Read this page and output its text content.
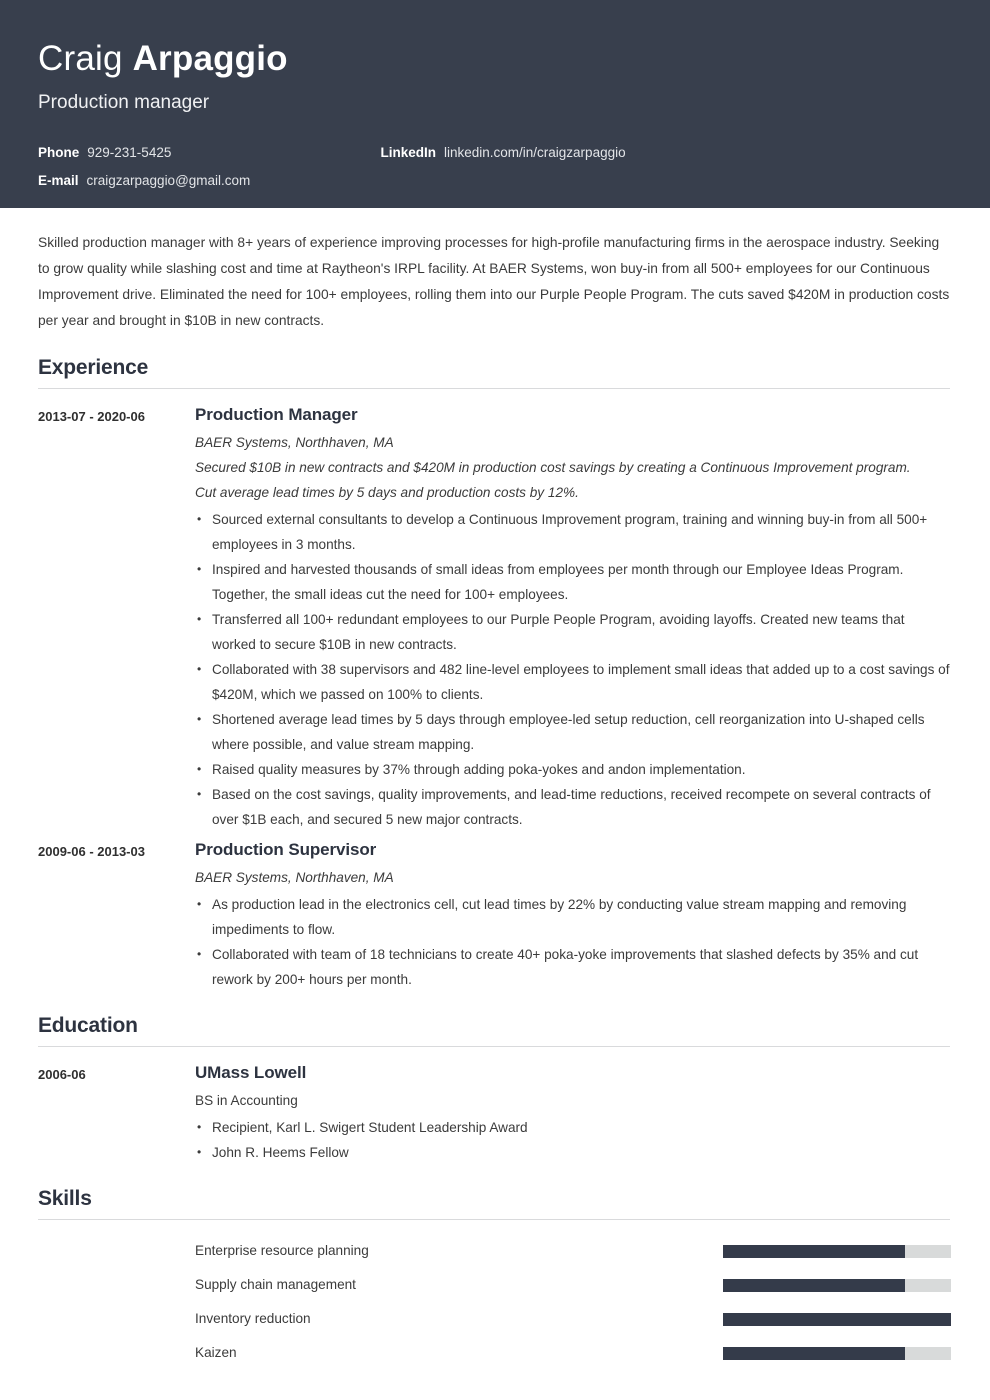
Craig Arpaggio
Production manager
Phone 929-231-5425	LinkedIn linkedin.com/in/craigzarpaggio
E-mail craigzarpaggio@gmail.com

Skilled production manager with 8+ years of experience improving processes for high-profile manufacturing firms in the aerospace industry. Seeking to grow quality while slashing cost and time at Raytheon's IRPL facility. At BAER Systems, won buy-in from all 500+ employees for our Continuous Improvement drive. Eliminated the need for 100+ employees, rolling them into our Purple People Program. The cuts saved $420M in production costs per year and brought in $10B in new contracts.

Experience
2013-07 - 2020-06	Production Manager
BAER Systems, Northhaven, MA
Secured $10B in new contracts and $420M in production cost savings by creating a Continuous Improvement program. Cut average lead times by 5 days and production costs by 12%.
• Sourced external consultants to develop a Continuous Improvement program, training and winning buy-in from all 500+ employees in 3 months.
• Inspired and harvested thousands of small ideas from employees per month through our Employee Ideas Program. Together, the small ideas cut the need for 100+ employees.
• Transferred all 100+ redundant employees to our Purple People Program, avoiding layoffs. Created new teams that worked to secure $10B in new contracts.
• Collaborated with 38 supervisors and 482 line-level employees to implement small ideas that added up to a cost savings of $420M, which we passed on 100% to clients.
• Shortened average lead times by 5 days through employee-led setup reduction, cell reorganization into U-shaped cells where possible, and value stream mapping.
• Raised quality measures by 37% through adding poka-yokes and andon implementation.
• Based on the cost savings, quality improvements, and lead-time reductions, received recompete on several contracts of over $1B each, and secured 5 new major contracts.
2009-06 - 2013-03	Production Supervisor
BAER Systems, Northhaven, MA
• As production lead in the electronics cell, cut lead times by 22% by conducting value stream mapping and removing impediments to flow.
• Collaborated with team of 18 technicians to create 40+ poka-yoke improvements that slashed defects by 35% and cut rework by 200+ hours per month.
Education
2006-06	UMass Lowell
BS in Accounting
• Recipient, Karl L. Swigert Student Leadership Award
• John R. Heems Fellow
Skills
Enterprise resource planning
Supply chain management
Inventory reduction
Kaizen
